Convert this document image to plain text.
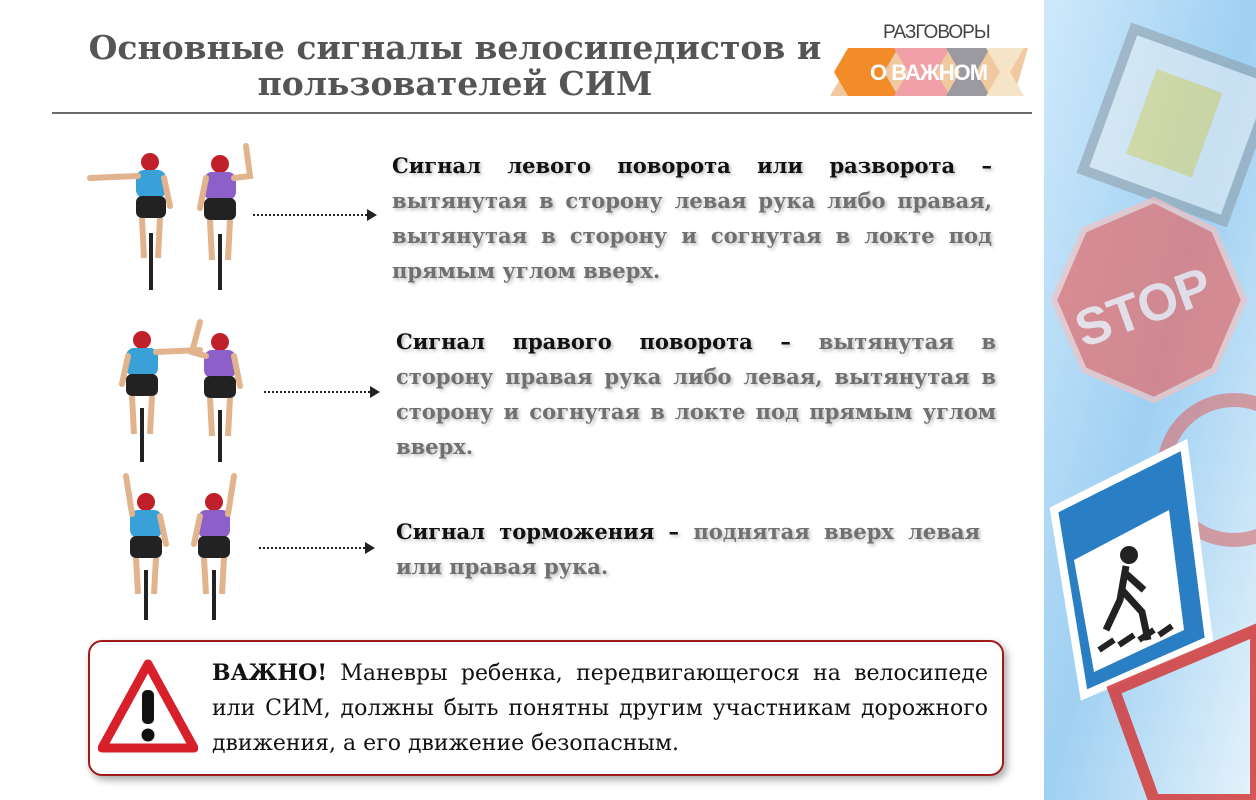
Основные сигналы велосипедистов и
пользователей СИМ
РАЗГОВОРЫ
О ВАЖНОМ
STOP
Сигнал левого поворота или разворота – вытянутая в сторону левая рука либо правая, вытянутая в сторону и согнутая в локте под прямым углом вверх.
Сигнал правого поворота – вытянутая в сторону правая рука либо левая, вытянутая в сторону и согнутая в локте под прямым углом вверх.
Сигнал торможения – поднятая вверх левая или правая рука.
ВАЖНО! Маневры ребенка, передвигающегося на велосипеде или СИМ, должны быть понятны другим участникам дорожного движения, а его движение безопасным.
